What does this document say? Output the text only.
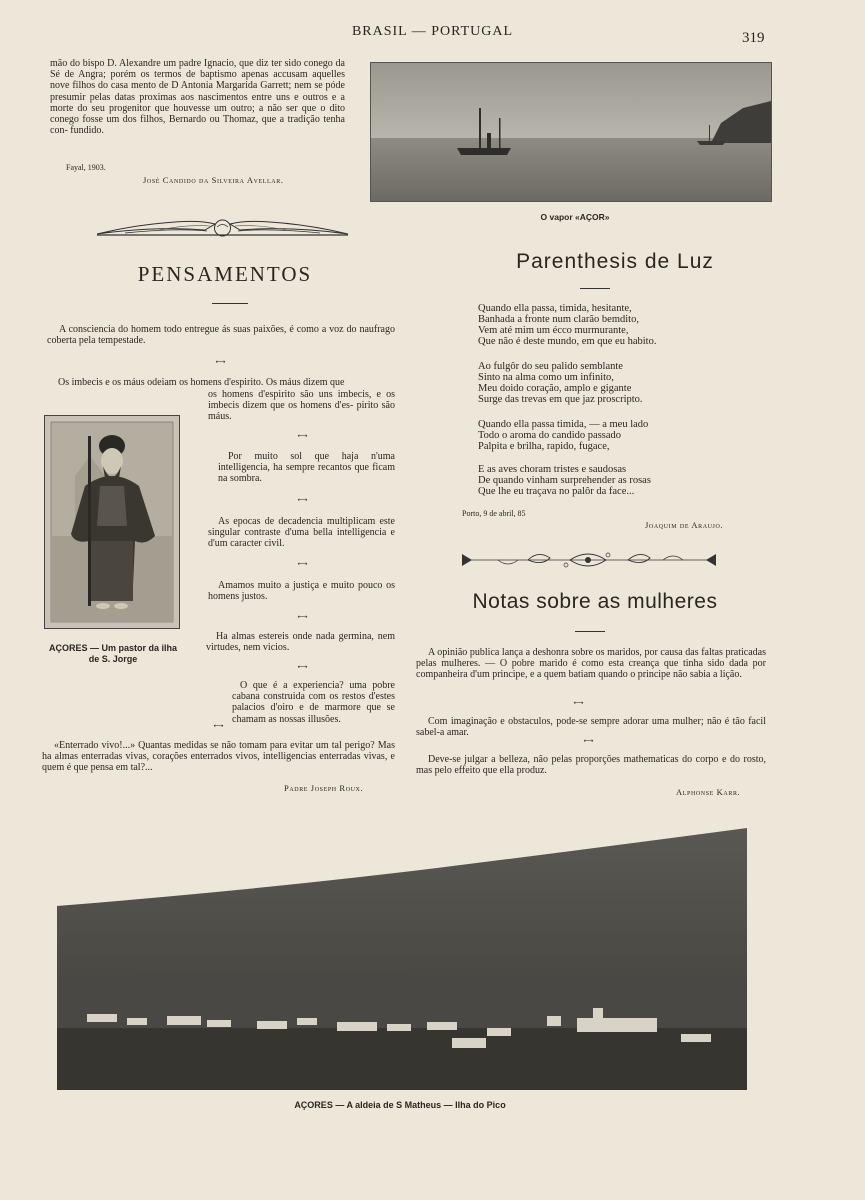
BRASIL — PORTUGAL	319
mão do bispo D. Alexandre um padre Ignacio, que diz ter sido conego da Sé de Angra; porém os termos de baptismo apenas accusam aquelles nove filhos do casa mento de D Antonia Margarida Garrett; nem se póde presumir pelas datas proximas aos nascimentos entre uns e outros e a morte do seu progenitor que houvesse um outro; a não ser que o dito conego fosse um dos filhos, Bernardo ou Thomaz, que a tradição tenha con- fundido.
Fayal, 1903.
José Candido da Silveira Avellar.
O vapor «AÇOR»
PENSAMENTOS
A consciencia do homem todo entregue ás suas paixões, é como a voz do naufrago coberta pela tempestade.
⟷
Os imbecis e os máus odeiam os homens d'espirito. Os máus dizem que
os homens d'espirito são uns imbecis, e os imbecis dizem que os homens d'es- pirito são máus.
⟷
Por muito sol que haja n'uma intelligencia, ha sempre recantos que ficam na sombra.
⟷
As epocas de decadencia multiplicam este singular contraste d'uma bella intelligencia e d'um caracter civil.
⟷
Amamos muito a justiça e muito pouco os homens justos.
⟷
Ha almas estereis onde nada germina, nem virtudes, nem vicios.
⟷
O que é a experiencia? uma pobre cabana construida com os restos d'estes palacios d'oiro e de marmore que se chamam as nossas illusões.
⟷
«Enterrado vivo!...» Quantas medidas se não tomam para evitar um tal perigo? Mas ha almas enterradas vivas, corações enterrados vivos, intelligencias enterradas vivas, e quem é que pensa em tal?...
Padre Joseph Roux.
AÇORES — Um pastor da ilha
de S. Jorge
Parenthesis de Luz
Quando ella passa, timida, hesitante,
Banhada a fronte num clarão bemdito,
Vem até mim um écco murmurante,
Que não é deste mundo, em que eu habito.
Ao fulgôr do seu palido semblante
Sinto na alma como um infinito,
Meu doido coração, amplo e gigante
Surge das trevas em que jaz proscripto.
Quando ella passa timida, — a meu lado
Todo o aroma do candido passado
Palpita e brilha, rapido, fugace,
E as aves choram tristes e saudosas
De quando vinham surprehender as rosas
Que lhe eu traçava no palôr da face...
Porto, 9 de abril, 85
Joaquim de Araujo.
Notas sobre as mulheres
A opinião publica lança a deshonra sobre os maridos, por causa das faltas praticadas pelas mulheres. — O pobre marido é como esta creança que tinha sido dada por companheira d'um principe, e a quem batiam quando o principe não sabia a lição.
⟷
Com imaginação e obstaculos, pode-se sempre adorar uma mulher; não é tão facil sabel-a amar.
⟷
Deve-se julgar a belleza, não pelas proporções mathematicas do corpo e do rosto, mas pelo effeito que ella produz.
Alphonse Karr.
AÇORES — A aldeia de S Matheus — Ilha do Pico
